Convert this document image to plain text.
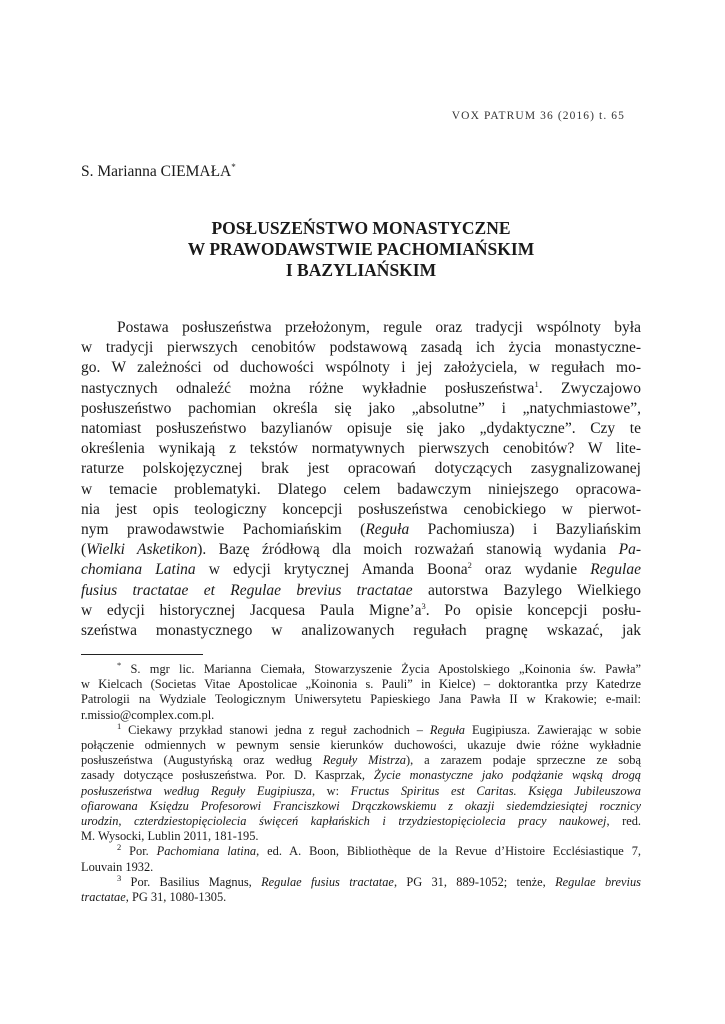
VOX PATRUM 36 (2016) t. 65
S. Marianna CIEMAŁA*
POSŁUSZEŃSTWO MONASTYCZNE
W PRAWODAWSTWIE PACHOMIAŃSKIM
I BAZYLIAŃSKIM
Postawa posłuszeństwa przełożonym, regule oraz tradycji wspólnoty była
w tradycji pierwszych cenobitów podstawową zasadą ich życia monastyczne-
go. W zależności od duchowości wspólnoty i jej założyciela, w regułach mo-
nastycznych odnaleźć można różne wykładnie posłuszeństwa$^1$. Zwyczajowo
posłuszeństwo pachomian określa się jako „absolutne” i „natychmiastowe”,
natomiast posłuszeństwo bazylianów opisuje się jako „dydaktyczne”. Czy te
określenia wynikają z tekstów normatywnych pierwszych cenobitów? W lite-
raturze polskojęzycznej brak jest opracowań dotyczących zasygnalizowanej
w temacie problematyki. Dlatego celem badawczym niniejszego opracowa-
nia jest opis teologiczny koncepcji posłuszeństwa cenobickiego w pierwot-
nym prawodawstwie Pachomiańskim (Reguła Pachomiusza) i Bazyliańskim
(Wielki Asketikon). Bazę źródłową dla moich rozważań stanowią wydania Pa-
chomiana Latina w edycji krytycznej Amanda Boona$^2$ oraz wydanie Regulae
fusius tractatae et Regulae brevius tractatae autorstwa Bazylego Wielkiego
w edycji historycznej Jacquesa Paula $Migne’a^3$. Po opisie koncepcji posłu-
szeństwa monastycznego w analizowanych regułach pragnę wskazać, jak
* S. mgr lic. Marianna Ciemała, Stowarzyszenie Życia Apostolskiego „Koinonia św. Pawła”
w Kielcach (Societas Vitae Apostolicae „Koinonia s. Pauli” in Kielce) – doktorantka przy Katedrze
Patrologii na Wydziale Teologicznym Uniwersytetu Papieskiego Jana Pawła II w Krakowie; e-mail:
r.missio@complex.com.pl.
$^1$ Ciekawy przykład stanowi jedna z reguł zachodnich – Reguła Eugipiusza. Zawierając w sobie
połączenie odmiennych w pewnym sensie kierunków duchowości, ukazuje dwie różne wykładnie
posłuszeństwa (Augustyńską oraz według Reguły Mistrza), a zarazem podaje sprzeczne ze sobą
zasady dotyczące posłuszeństwa. Por. D. Kasprzak, Życie monastyczne jako podążanie wąską drogą
posłuszeństwa według Reguły Eugipiusza, w: Fructus Spiritus est Caritas. Księga Jubileuszowa
ofiarowana Księdzu Profesorowi Franciszkowi Drączkowskiemu z okazji siedemdziesiątej rocznicy
urodzin, czterdziestopięciolecia święceń kapłańskich i trzydziestopięciolecia pracy naukowej, red.
M. Wysocki, Lublin 2011, 181-195.
$^2$ Por. Pachomiana latina, ed. A. Boon, Bibliothèque de la Revue d’Histoire Ecclésiastique 7,
Louvain 1932.
$^3$ Por. Basilius Magnus, Regulae fusius tractatae, PG 31, 889-1052; tenże, Regulae brevius
tractatae, PG 31, 1080-1305.
